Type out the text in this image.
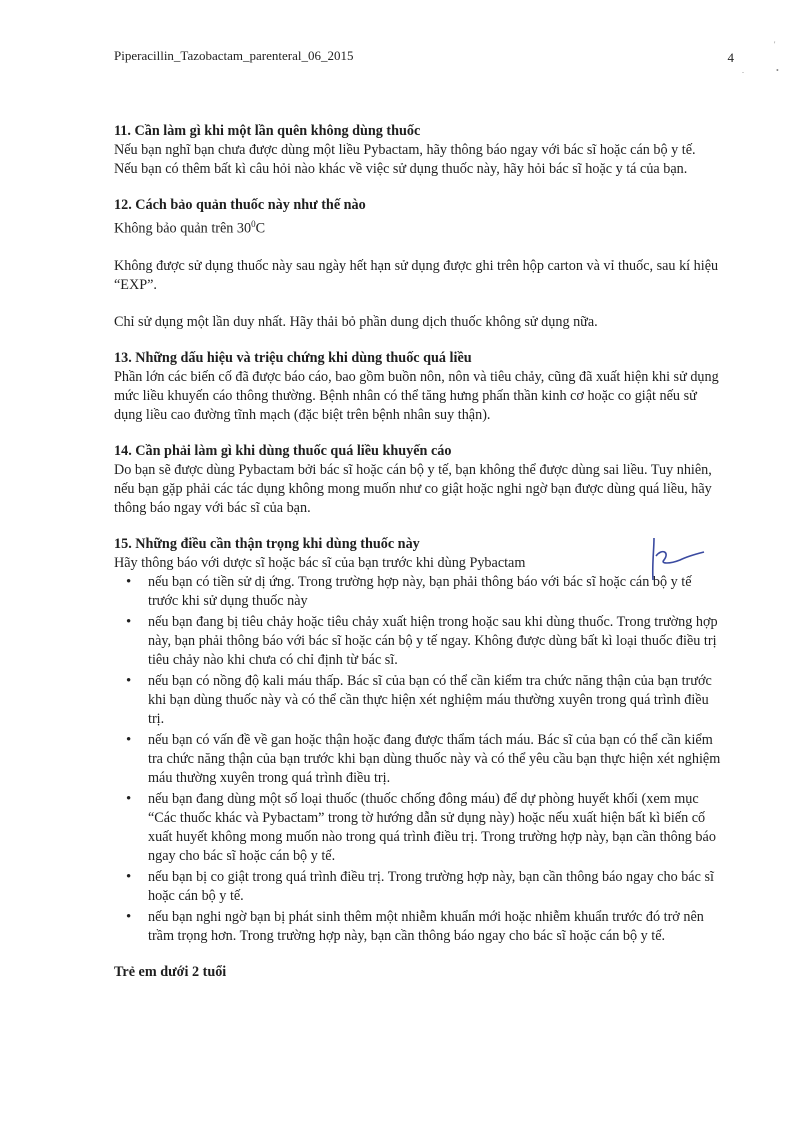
Piperacillin_Tazobactam_parenteral_06_2015	4
'
•
.
11. Cần làm gì khi một lần quên không dùng thuốc

Nếu bạn nghĩ bạn chưa được dùng một liều Pybactam, hãy thông báo ngay với bác sĩ hoặc cán bộ y tế.

Nếu bạn có thêm bất kì câu hỏi nào khác về việc sử dụng thuốc này, hãy hỏi bác sĩ hoặc y tá của bạn.

12. Cách bảo quản thuốc này như thế nào

Không bảo quản trên $30^0C$

Không được sử dụng thuốc này sau ngày hết hạn sử dụng được ghi trên hộp carton và vỉ thuốc, sau kí hiệu “EXP”.

Chỉ sử dụng một lần duy nhất. Hãy thải bỏ phần dung dịch thuốc không sử dụng nữa.

13. Những dấu hiệu và triệu chứng khi dùng thuốc quá liều

Phần lớn các biến cố đã được báo cáo, bao gồm buồn nôn, nôn và tiêu chảy, cũng đã xuất hiện khi sử dụng mức liều khuyến cáo thông thường. Bệnh nhân có thể tăng hưng phấn thần kinh cơ hoặc co giật nếu sử dụng liều cao đường tĩnh mạch (đặc biệt trên bệnh nhân suy thận).

14. Cần phải làm gì khi dùng thuốc quá liều khuyến cáo

Do bạn sẽ được dùng Pybactam bởi bác sĩ hoặc cán bộ y tế, bạn không thể được dùng sai liều. Tuy nhiên, nếu bạn gặp phải các tác dụng không mong muốn như co giật hoặc nghi ngờ bạn được dùng quá liều, hãy thông báo ngay với bác sĩ của bạn.

15. Những điều cần thận trọng khi dùng thuốc này

Hãy thông báo với dược sĩ hoặc bác sĩ của bạn trước khi dùng Pybactam

• nếu bạn có tiền sử dị ứng. Trong trường hợp này, bạn phải thông báo với bác sĩ hoặc cán bộ y tế trước khi sử dụng thuốc này
• nếu bạn đang bị tiêu chảy hoặc tiêu chảy xuất hiện trong hoặc sau khi dùng thuốc. Trong trường hợp này, bạn phải thông báo với bác sĩ hoặc cán bộ y tế ngay. Không được dùng bất kì loại thuốc điều trị tiêu chảy nào khi chưa có chỉ định từ bác sĩ.
• nếu bạn có nồng độ kali máu thấp. Bác sĩ của bạn có thể cần kiểm tra chức năng thận của bạn trước khi bạn dùng thuốc này và có thể cần thực hiện xét nghiệm máu thường xuyên trong quá trình điều trị.
• nếu bạn có vấn đề về gan hoặc thận hoặc đang được thẩm tách máu. Bác sĩ của bạn có thể cần kiểm tra chức năng thận của bạn trước khi bạn dùng thuốc này và có thể yêu cầu bạn thực hiện xét nghiệm máu thường xuyên trong quá trình điều trị.
• nếu bạn đang dùng một số loại thuốc (thuốc chống đông máu) để dự phòng huyết khối (xem mục “Các thuốc khác và Pybactam” trong tờ hướng dẫn sử dụng này) hoặc nếu xuất hiện bất kì biến cố xuất huyết không mong muốn nào trong quá trình điều trị. Trong trường hợp này, bạn cần thông báo ngay cho bác sĩ hoặc cán bộ y tế.
• nếu bạn bị co giật trong quá trình điều trị. Trong trường hợp này, bạn cần thông báo ngay cho bác sĩ hoặc cán bộ y tế.
• nếu bạn nghi ngờ bạn bị phát sinh thêm một nhiễm khuẩn mới hoặc nhiễm khuẩn trước đó trở nên trầm trọng hơn. Trong trường hợp này, bạn cần thông báo ngay cho bác sĩ hoặc cán bộ y tế.
Trẻ em dưới 2 tuổi
